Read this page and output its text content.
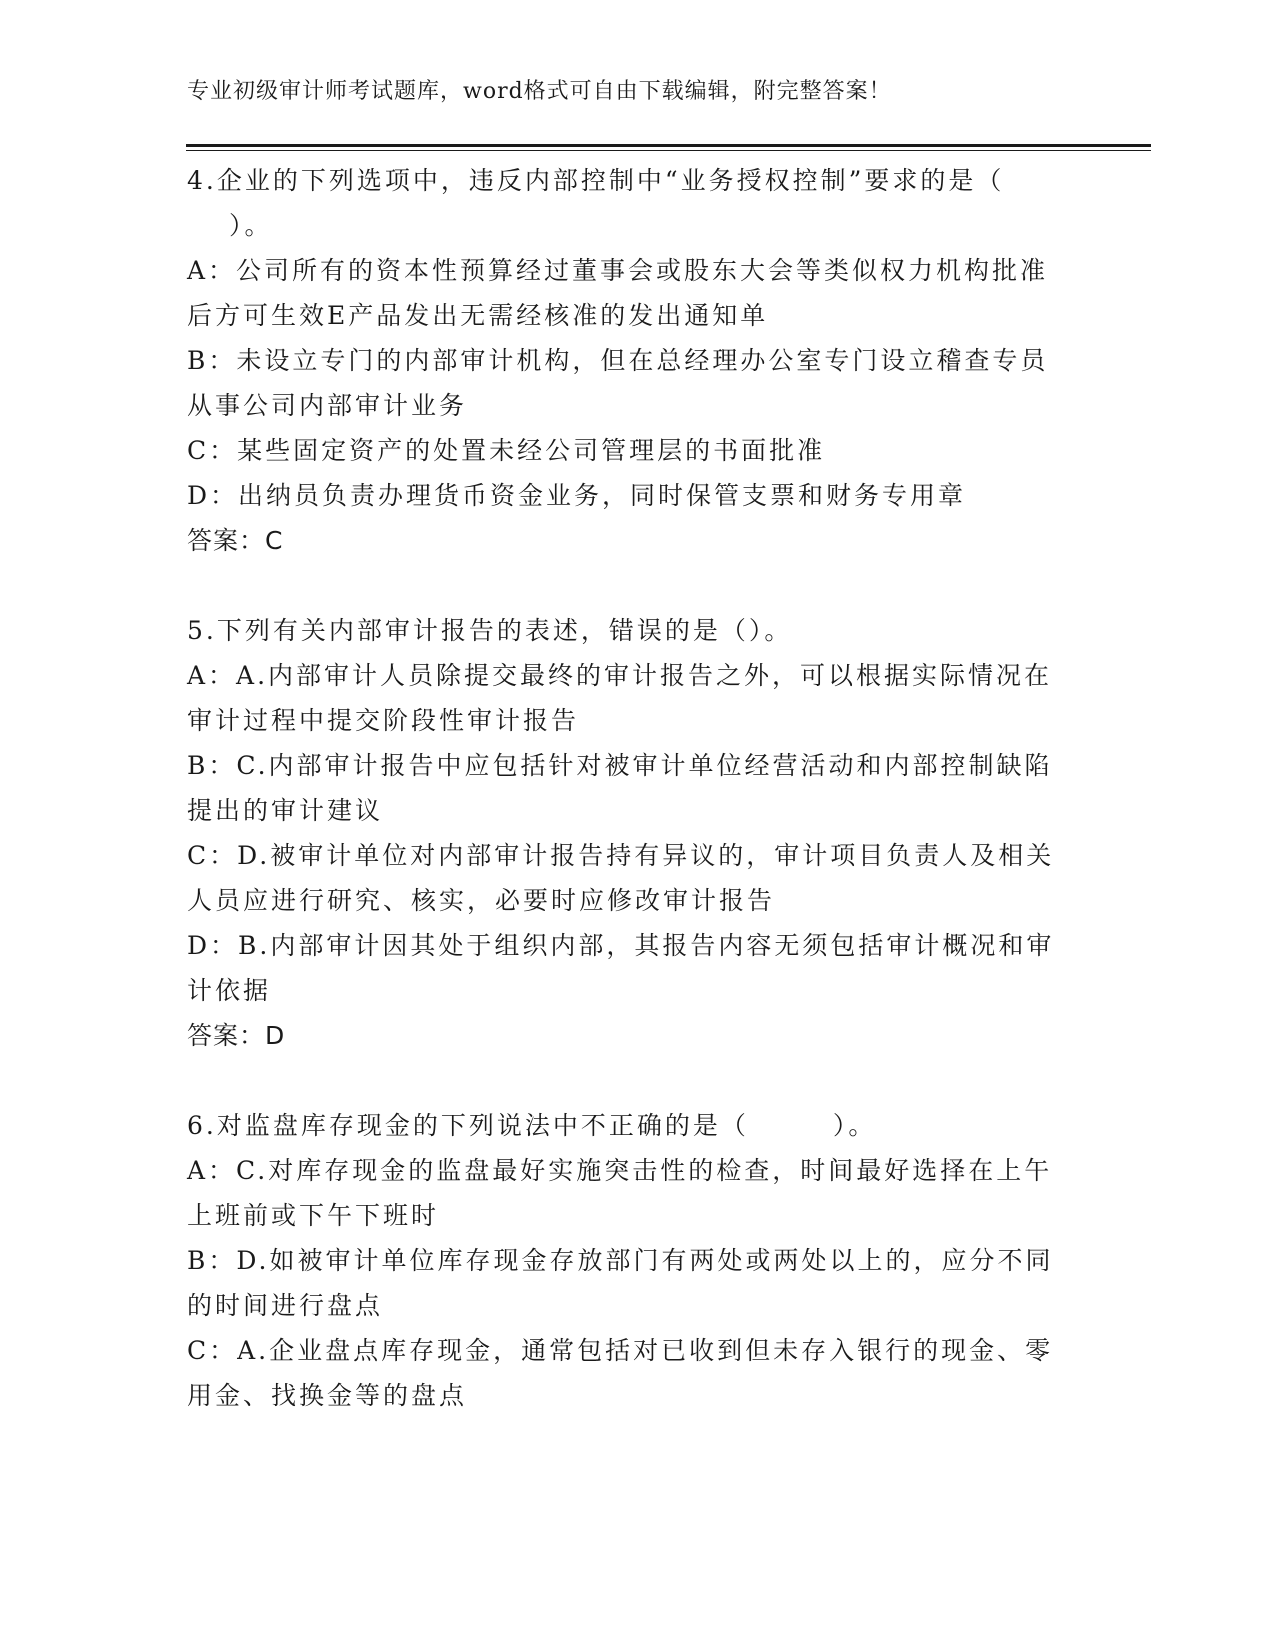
专业初级审计师考试题库，word格式可自由下载编辑，附完整答案！
4.企业的下列选项中，违反内部控制中“业务授权控制”要求的是（
）。
A：公司所有的资本性预算经过董事会或股东大会等类似权力机构批准
后方可生效E产品发出无需经核准的发出通知单
B：未设立专门的内部审计机构，但在总经理办公室专门设立稽查专员
从事公司内部审计业务
C：某些固定资产的处置未经公司管理层的书面批准
D：出纳员负责办理货币资金业务，同时保管支票和财务专用章
答案：C
5.下列有关内部审计报告的表述，错误的是（）。
A：A.内部审计人员除提交最终的审计报告之外，可以根据实际情况在
审计过程中提交阶段性审计报告
B：C.内部审计报告中应包括针对被审计单位经营活动和内部控制缺陷
提出的审计建议
C：D.被审计单位对内部审计报告持有异议的，审计项目负责人及相关
人员应进行研究、核实，必要时应修改审计报告
D：B.内部审计因其处于组织内部，其报告内容无须包括审计概况和审
计依据
答案：D
6.对监盘库存现金的下列说法中不正确的是（　　　）。
A：C.对库存现金的监盘最好实施突击性的检查，时间最好选择在上午
上班前或下午下班时
B：D.如被审计单位库存现金存放部门有两处或两处以上的，应分不同
的时间进行盘点
C：A.企业盘点库存现金，通常包括对已收到但未存入银行的现金、零
用金、找换金等的盘点
